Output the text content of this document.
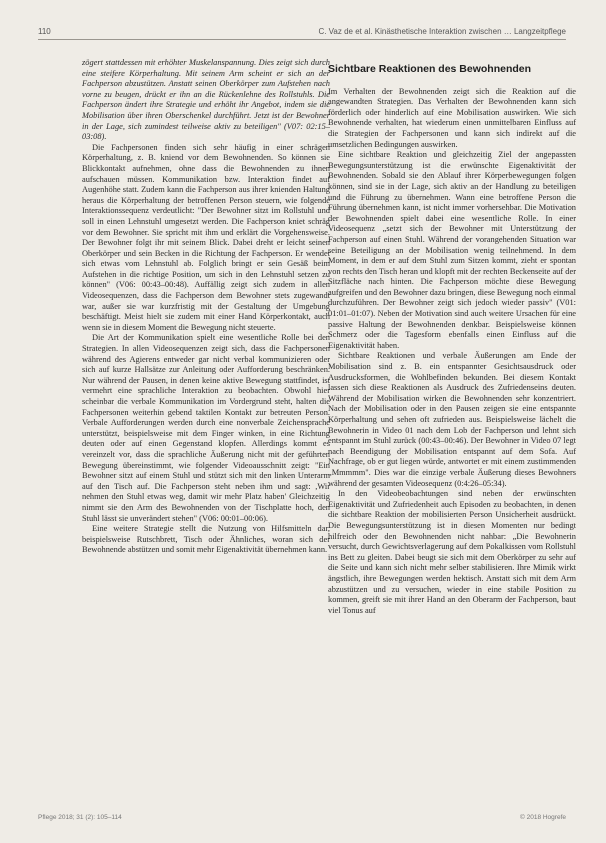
110	C. Vaz de et al. Kinästhetische Interaktion zwischen … Langzeitpflege

zögert stattdessen mit erhöhter Muskelanspannung. Dies zeigt sich durch eine steifere Körperhaltung. Mit seinem Arm scheint er sich an der Fachperson abzustützen. Anstatt seinen Oberkörper zum Aufstehen nach vorne zu beugen, drückt er ihn an die Rückenlehne des Rollstuhls. Die Fachperson ändert ihre Strategie und erhöht ihr Angebot, indem sie die Mobilisation über ihren Oberschenkel durchführt. Jetzt ist der Bewohner in der Lage, sich zumindest teilweise aktiv zu beteiligen" (V07: 02:15–03:08).

Die Fachpersonen finden sich sehr häufig in einer schrägen Körperhaltung, z. B. kniend vor dem Bewohnenden. So können sie Blickkontakt aufnehmen, ohne dass die Bewohnenden zu ihnen aufschauen müssen. Kommunikation bzw. Interaktion findet auf Augenhöhe statt. Zudem kann die Fachperson aus ihrer knienden Haltung heraus die Körperhaltung der betroffenen Person steuern, wie folgende Interaktionssequenz verdeutlicht: "Der Bewohner sitzt im Rollstuhl und soll in einen Lehnstuhl umgesetzt werden. Die Fachperson kniet schräg vor dem Bewohner. Sie spricht mit ihm und erklärt die Vorgehensweise. Der Bewohner folgt ihr mit seinem Blick. Dabei dreht er leicht seinen Oberkörper und sein Becken in die Richtung der Fachperson. Er wendet sich etwas vom Lehnstuhl ab. Folglich bringt er sein Gesäß beim Aufstehen in die richtige Position, um sich in den Lehnstuhl setzen zu können" (V06: 00:43–00:48). Auffällig zeigt sich zudem in allen Videosequenzen, dass die Fachperson dem Bewohner stets zugewandt war, außer sie war kurzfristig mit der Gestaltung der Umgebung beschäftigt. Meist hielt sie zudem mit einer Hand Körperkontakt, auch wenn sie in diesem Moment die Bewegung nicht steuerte.

Die Art der Kommunikation spielt eine wesentliche Rolle bei den Strategien. In allen Videosequenzen zeigt sich, dass die Fachpersonen während des Agierens entweder gar nicht verbal kommunizieren oder sich auf kurze Hallsätze zur Anleitung oder Aufforderung beschränken. Nur während der Pausen, in denen keine aktive Bewegung stattfindet, ist vermehrt eine sprachliche Interaktion zu beobachten. Obwohl hier scheinbar die verbale Kommunikation im Vordergrund steht, halten die Fachpersonen weiterhin gebend taktilen Kontakt zur betreuten Person. Verbale Aufforderungen werden durch eine nonverbale Zeichensprache unterstützt, beispielsweise mit dem Finger winken, in eine Richtung deuten oder auf einen Gegenstand klopfen. Allerdings kommt es vereinzelt vor, dass die sprachliche Äußerung nicht mit der geführten Bewegung übereinstimmt, wie folgender Videoausschnitt zeigt: "Ein Bewohner sitzt auf einem Stuhl und stützt sich mit den linken Unterarm auf den Tisch auf. Die Fachperson steht neben ihm und sagt: ,Wir nehmen den Stuhl etwas weg, damit wir mehr Platz haben' Gleichzeitig nimmt sie den Arm des Bewohnenden von der Tischplatte hoch, den Stuhl lässt sie unverändert stehen" (V06: 00:01–00:06).

Eine weitere Strategie stellt die Nutzung von Hilfsmitteln dar, beispielsweise Rutschbrett, Tisch oder Ähnliches, woran sich der Bewohnende abstützen und somit mehr Eigenaktivität übernehmen kann.

Sichtbare Reaktionen des Bewohnenden

Im Verhalten der Bewohnenden zeigt sich die Reaktion auf die angewandten Strategien. Das Verhalten der Bewohnenden kann sich förderlich oder hinderlich auf eine Mobilisation auswirken. Wie sich Bewohnende verhalten, hat wiederum einen unmittelbaren Einfluss auf die Strategien der Fachpersonen und kann sich indirekt auf die umsetzlichen Bedingungen auswirken.

Eine sichtbare Reaktion und gleichzeitig Ziel der angepassten Bewegungsunterstützung ist die erwünschte Eigenaktivität der Bewohnenden. Sobald sie den Ablauf ihrer Körperbewegungen folgen können, sind sie in der Lage, sich aktiv an der Handlung zu beteiligen und die Führung zu übernehmen. Wann eine betroffene Person die Führung übernehmen kann, ist nicht immer vorhersehbar. Die Motivation der Bewohnenden spielt dabei eine wesentliche Rolle. In einer Videosequenz „setzt sich der Bewohner mit Unterstützung der Fachperson auf einen Stuhl. Während der vorangehenden Situation war seine Beteiligung an der Mobilisation wenig teilnehmend. In dem Moment, in dem er auf dem Stuhl zum Sitzen kommt, zieht er spontan von rechts den Tisch heran und klopft mit der rechten Beckenseite auf der Sitzfläche nach hinten. Die Fachperson möchte diese Bewegung aufgreifen und den Bewohner dazu bringen, diese Bewegung noch einmal durchzuführen. Der Bewohner zeigt sich jedoch wieder passiv" (V01: 01:01–01:07). Neben der Motivation sind auch weitere Ursachen für eine passive Haltung der Bewohnenden denkbar. Beispielsweise können Schmerz oder die Tagesform ebenfalls einen Einfluss auf die Eigenaktivität haben.

Sichtbare Reaktionen und verbale Äußerungen am Ende der Mobilisation sind z. B. ein entspannter Gesichtsausdruck oder Ausdrucksformen, die Wohlbefinden bekunden. Bei diesem Kontakt lassen sich diese Reaktionen als Ausdruck des Zufriedenseins deuten. Während der Mobilisation wirken die Bewohnenden sehr konzentriert. Nach der Mobilisation oder in den Pausen zeigen sie eine entspannte Körperhaltung und sehen oft zufrieden aus. Beispielsweise lächelt die Bewohnerin in Video 01 nach dem Lob der Fachperson und lehnt sich entspannt im Stuhl zurück (00:43–00:46). Der Bewohner in Video 07 legt nach Beendigung der Mobilisation entspannt auf dem Sofa. Auf Nachfrage, ob er gut liegen würde, antwortet er mit einem zustimmenden „Mmmmm". Dies war die einzige verbale Äußerung dieses Bewohners während der gesamten Videosequenz (0:4:26–05:34).

In den Videobeobachtungen sind neben der erwünschten Eigenaktivität und Zufriedenheit auch Episoden zu beobachten, in denen die sichtbare Reaktion der mobilisierten Person Unsicherheit ausdrückt. Die Bewegungsunterstützung ist in diesen Momenten nur bedingt hilfreich oder den Bewohnenden nicht nahbar: „Die Bewohnerin versucht, durch Gewichtsverlagerung auf dem Pokalkissen vom Rollstuhl ins Bett zu gleiten. Dabei beugt sie sich mit dem Oberkörper zu sehr auf die Seite und kann sich nicht mehr selber stabilisieren. Ihre Mimik wirkt ängstlich, ihre Bewegungen werden hektisch. Anstatt sich mit dem Arm abzustützen und zu versuchen, wieder in eine stabile Position zu kommen, greift sie mit ihrer Hand an den Oberarm der Fachperson, baut viel Tonus auf

Pflege 2018; 31 (2): 105–114	© 2018 Hogrefe
